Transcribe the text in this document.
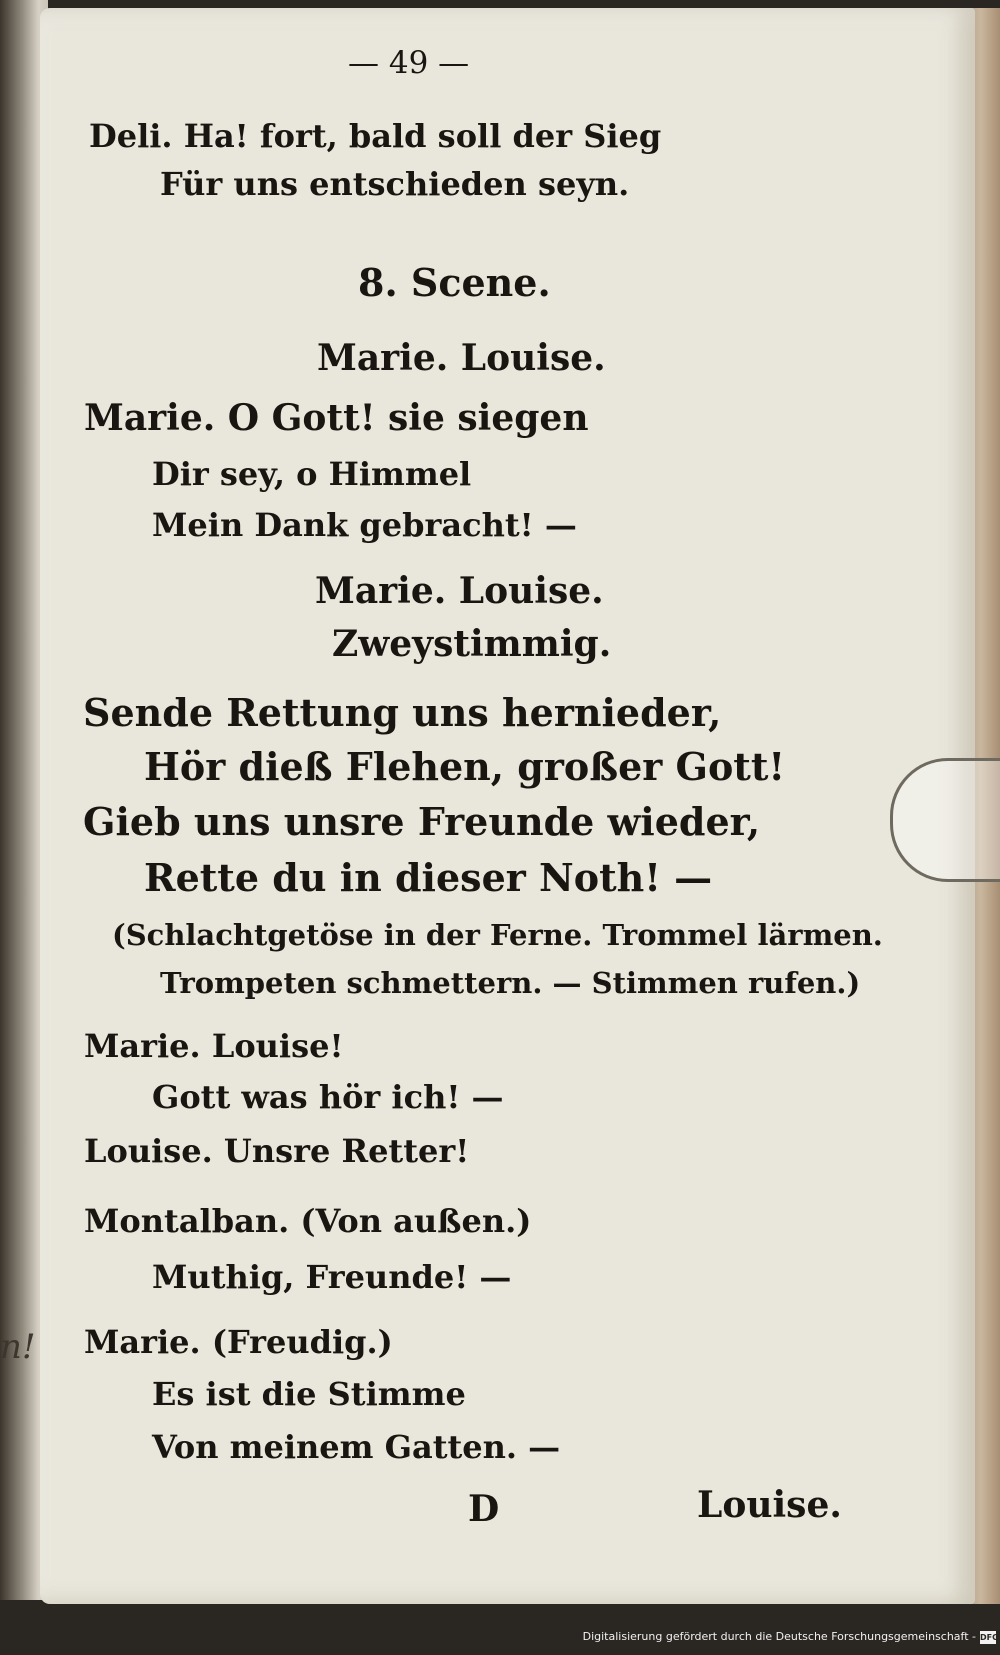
n!

— 49 —

Deli. Ha! fort, bald soll der Sieg

Für uns entschieden seyn.

8. Scene.

Marie. Louise.

Marie. O Gott! sie siegen

Dir sey, o Himmel

Mein Dank gebracht! —

Marie. Louise.

Zweystimmig.

Sende Rettung uns hernieder,

Hör dieß Flehen, großer Gott!

Gieb uns unsre Freunde wieder,

Rette du in dieser Noth! —

(Schlachtgetöse in der Ferne. Trommel lärmen.

Trompeten schmettern. — Stimmen rufen.)

Marie. Louise!

Gott was hör ich! —

Louise. Unsre Retter!

Montalban. (Von außen.)

Muthig, Freunde! —

Marie. (Freudig.)

Es ist die Stimme

Von meinem Gatten. —

D	Louise.

Digitalisierung gefördert durch die Deutsche Forschungsgemeinschaft - DFG
